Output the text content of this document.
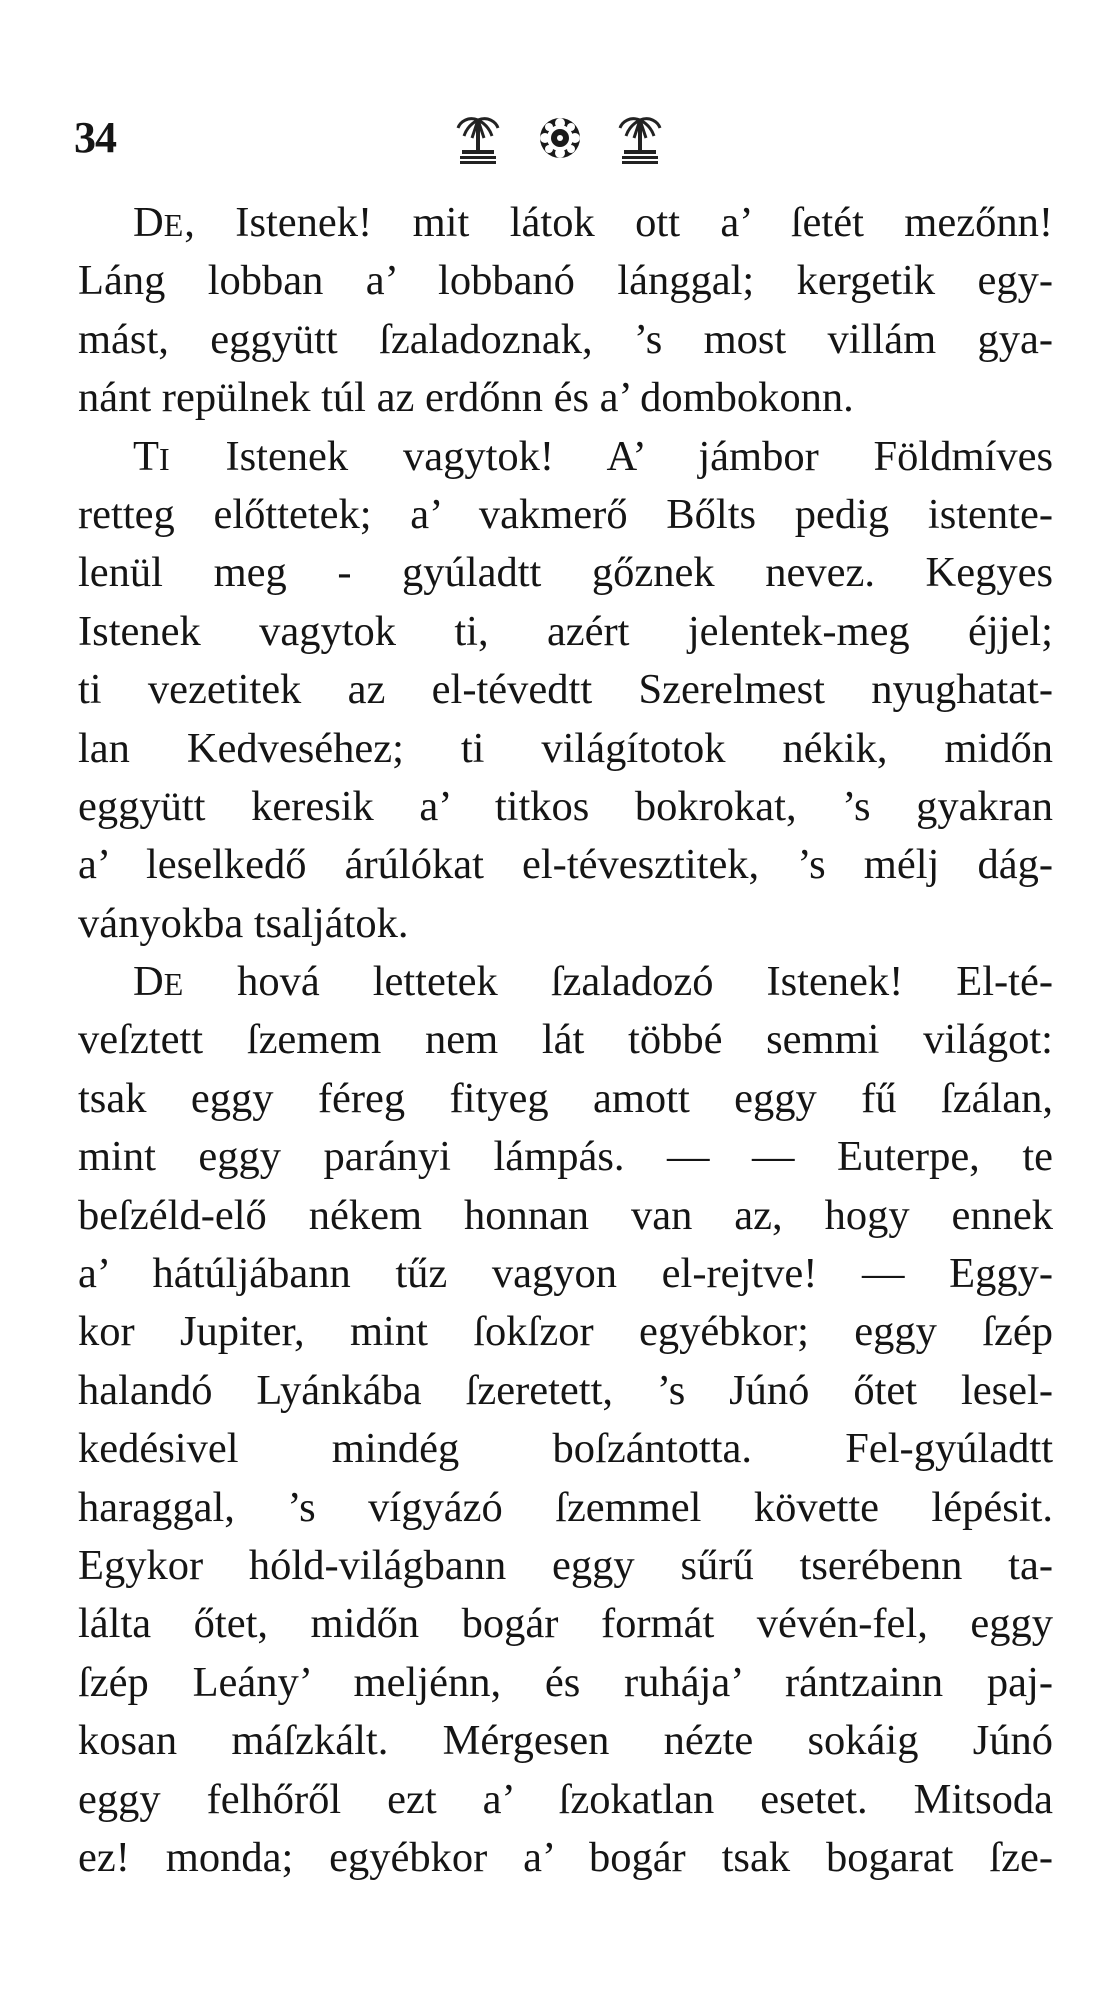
34
DE, Istenek! mit látok ott a’ ſetét mezőnn!
Láng lobban a’ lobbanó lánggal; kergetik egy-
mást, eggyütt ſzaladoznak, ’s most villám gya-
nánt repülnek túl az erdőnn és a’ dombokonn.
TI Istenek vagytok! A’ jámbor Földmíves
retteg előttetek; a’ vakmerő Bőlts pedig istente-
lenül meg - gyúladtt gőznek nevez. Kegyes
Istenek vagytok ti, azért jelentek-meg éjjel;
ti vezetitek az el-tévedtt Szerelmest nyughatat-
lan Kedveséhez; ti világítotok nékik, midőn
eggyütt keresik a’ titkos bokrokat, ’s gyakran
a’ leselkedő árúlókat el-tévesztitek, ’s mélj dág-
ványokba tsaljátok.
DE hová lettetek ſzaladozó Istenek! El-té-
veſztett ſzemem nem lát többé semmi világot:
tsak eggy féreg fityeg amott eggy fű ſzálan,
mint eggy parányi lámpás. — — Euterpe, te
beſzéld-elő nékem honnan van az, hogy ennek
a’ hátúljábann tűz vagyon el-rejtve! — Eggy-
kor Jupiter, mint ſokſzor egyébkor; eggy ſzép
halandó Lyánkába ſzeretett, ’s Júnó őtet lesel-
kedésivel mindég boſzántotta. Fel-gyúladtt
haraggal, ’s vígyázó ſzemmel követte lépésit.
Egykor hóld-világbann eggy sűrű tserébenn ta-
lálta őtet, midőn bogár formát vévén-fel, eggy
ſzép Leány’ meljénn, és ruhája’ rántzainn paj-
kosan máſzkált. Mérgesen nézte sokáig Júnó
eggy felhőről ezt a’ ſzokatlan esetet. Mitsoda
ez! monda; egyébkor a’ bogár tsak bogarat ſze-
